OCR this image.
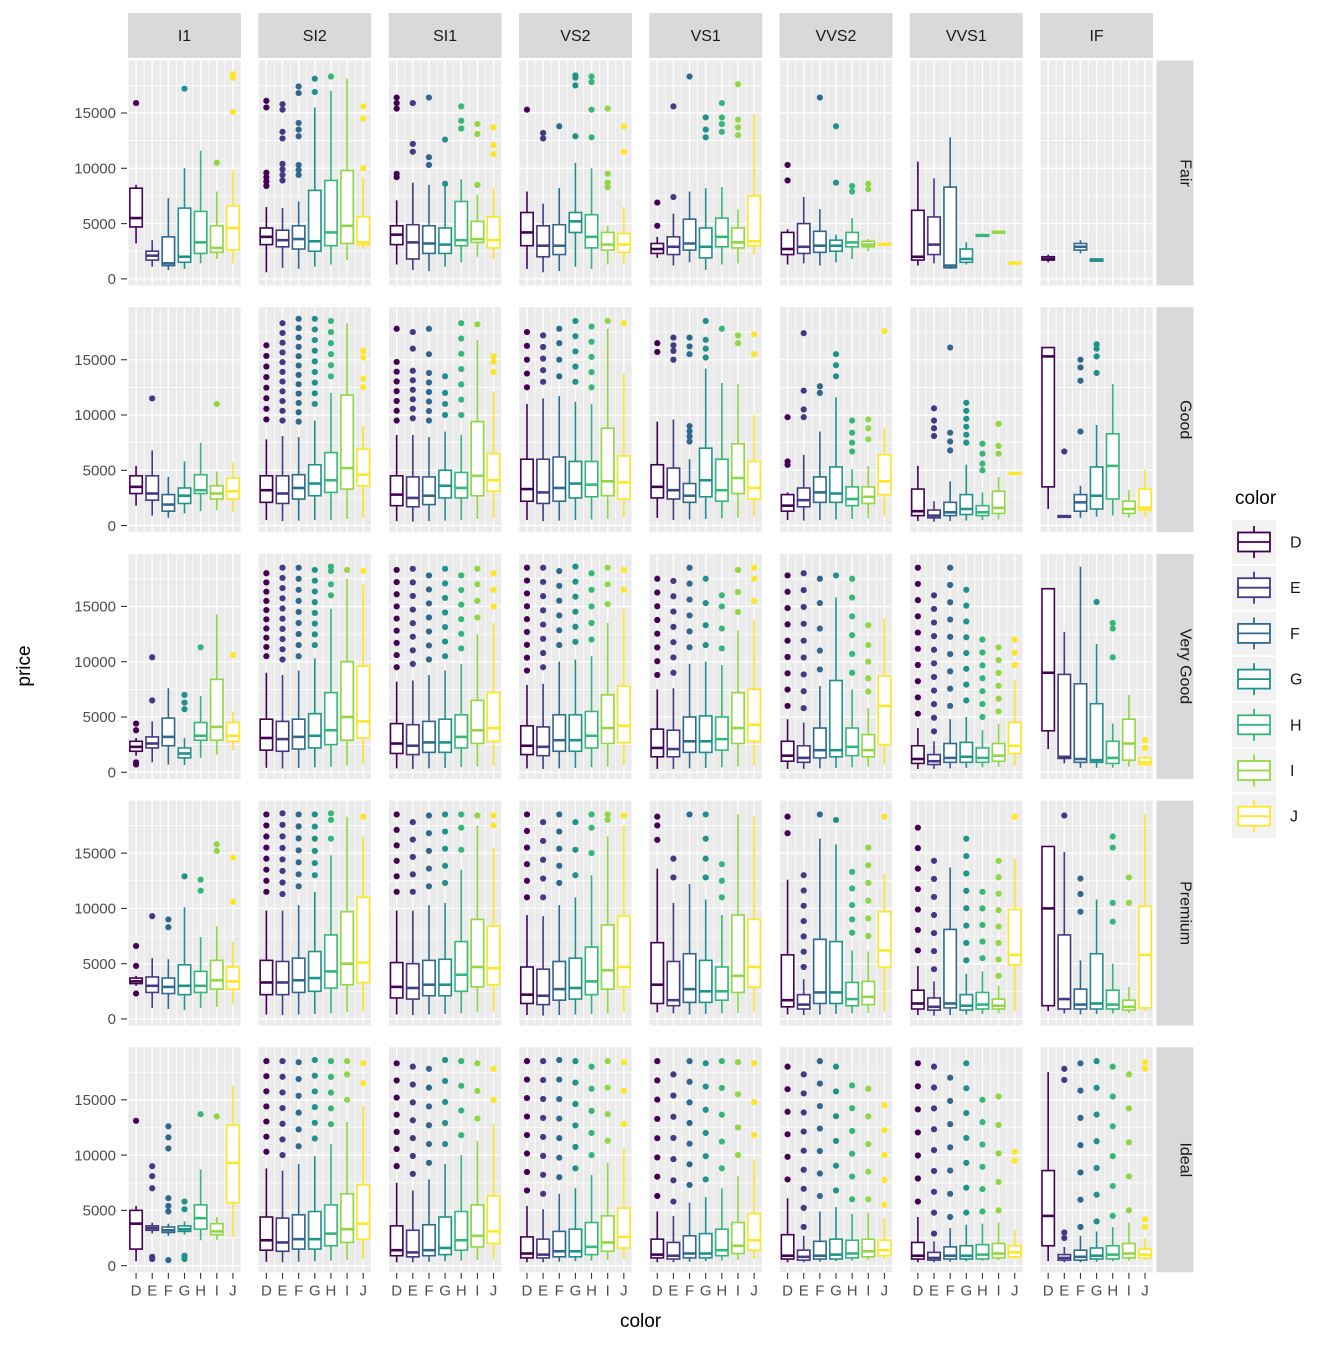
I1	SI2	SI1	VS2	VS1	VVS2	VVS1	IF
Fair
0
5000
10000
15000
Good
0
5000
10000
15000
Very Good
0
5000
10000
15000
Premium
0
5000
10000
15000
Ideal
0
5000
10000
15000
D E F G H I J D E F G H I J D E F G H I J D E F G H I J D E F G H I J D E F G H I J D E F G H I J D E F G H I J
price
color
color
D
E
F
G
H
I
J
